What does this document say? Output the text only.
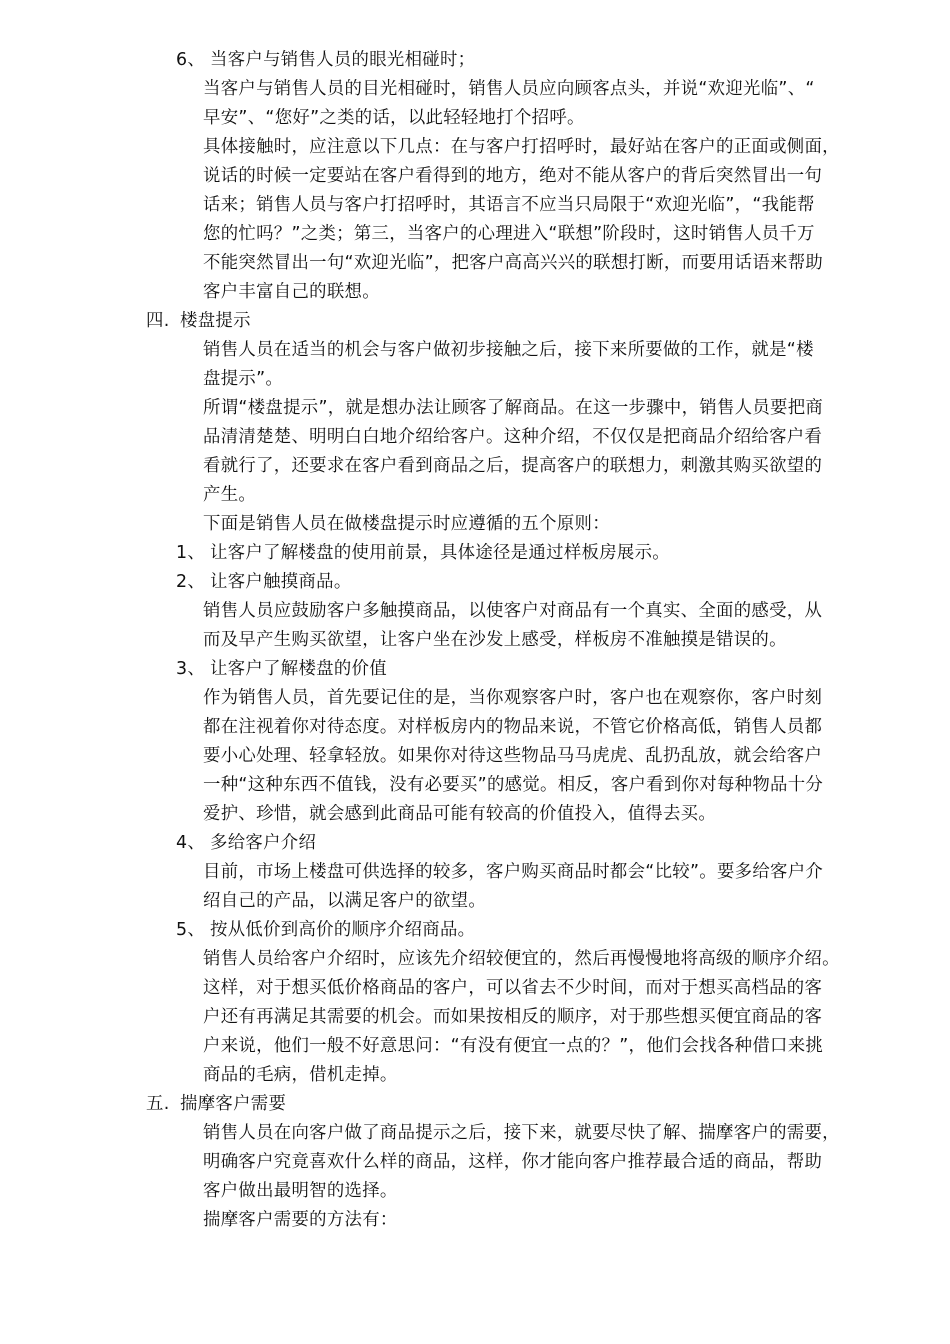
6、 当客户与销售人员的眼光相碰时；
当客户与销售人员的目光相碰时，销售人员应向顾客点头，并说“欢迎光临”、“
早安”、“您好”之类的话，以此轻轻地打个招呼。
具体接触时，应注意以下几点：在与客户打招呼时，最好站在客户的正面或侧面，
说话的时候一定要站在客户看得到的地方，绝对不能从客户的背后突然冒出一句
话来；销售人员与客户打招呼时，其语言不应当只局限于“欢迎光临”，“我能帮
您的忙吗？”之类；第三，当客户的心理进入“联想”阶段时，这时销售人员千万
不能突然冒出一句“欢迎光临”，把客户高高兴兴的联想打断，而要用话语来帮助
客户丰富自己的联想。
四. 楼盘提示
销售人员在适当的机会与客户做初步接触之后，接下来所要做的工作，就是“楼
盘提示”。
所谓“楼盘提示”，就是想办法让顾客了解商品。在这一步骤中，销售人员要把商
品清清楚楚、明明白白地介绍给客户。这种介绍，不仅仅是把商品介绍给客户看
看就行了，还要求在客户看到商品之后，提高客户的联想力，刺激其购买欲望的
产生。
下面是销售人员在做楼盘提示时应遵循的五个原则：
1、 让客户了解楼盘的使用前景，具体途径是通过样板房展示。
2、 让客户触摸商品。
销售人员应鼓励客户多触摸商品，以使客户对商品有一个真实、全面的感受，从
而及早产生购买欲望，让客户坐在沙发上感受，样板房不准触摸是错误的。
3、 让客户了解楼盘的价值
作为销售人员，首先要记住的是，当你观察客户时，客户也在观察你，客户时刻
都在注视着你对待态度。对样板房内的物品来说，不管它价格高低，销售人员都
要小心处理、轻拿轻放。如果你对待这些物品马马虎虎、乱扔乱放，就会给客户
一种“这种东西不值钱，没有必要买”的感觉。相反，客户看到你对每种物品十分
爱护、珍惜，就会感到此商品可能有较高的价值投入，值得去买。
4、 多给客户介绍
目前，市场上楼盘可供选择的较多，客户购买商品时都会“比较”。要多给客户介
绍自己的产品，以满足客户的欲望。
5、 按从低价到高价的顺序介绍商品。
销售人员给客户介绍时，应该先介绍较便宜的，然后再慢慢地将高级的顺序介绍。
这样，对于想买低价格商品的客户，可以省去不少时间，而对于想买高档品的客
户还有再满足其需要的机会。而如果按相反的顺序，对于那些想买便宜商品的客
户来说，他们一般不好意思问：“有没有便宜一点的？”，他们会找各种借口来挑
商品的毛病，借机走掉。
五. 揣摩客户需要
销售人员在向客户做了商品提示之后，接下来，就要尽快了解、揣摩客户的需要，
明确客户究竟喜欢什么样的商品，这样，你才能向客户推荐最合适的商品，帮助
客户做出最明智的选择。
揣摩客户需要的方法有：
